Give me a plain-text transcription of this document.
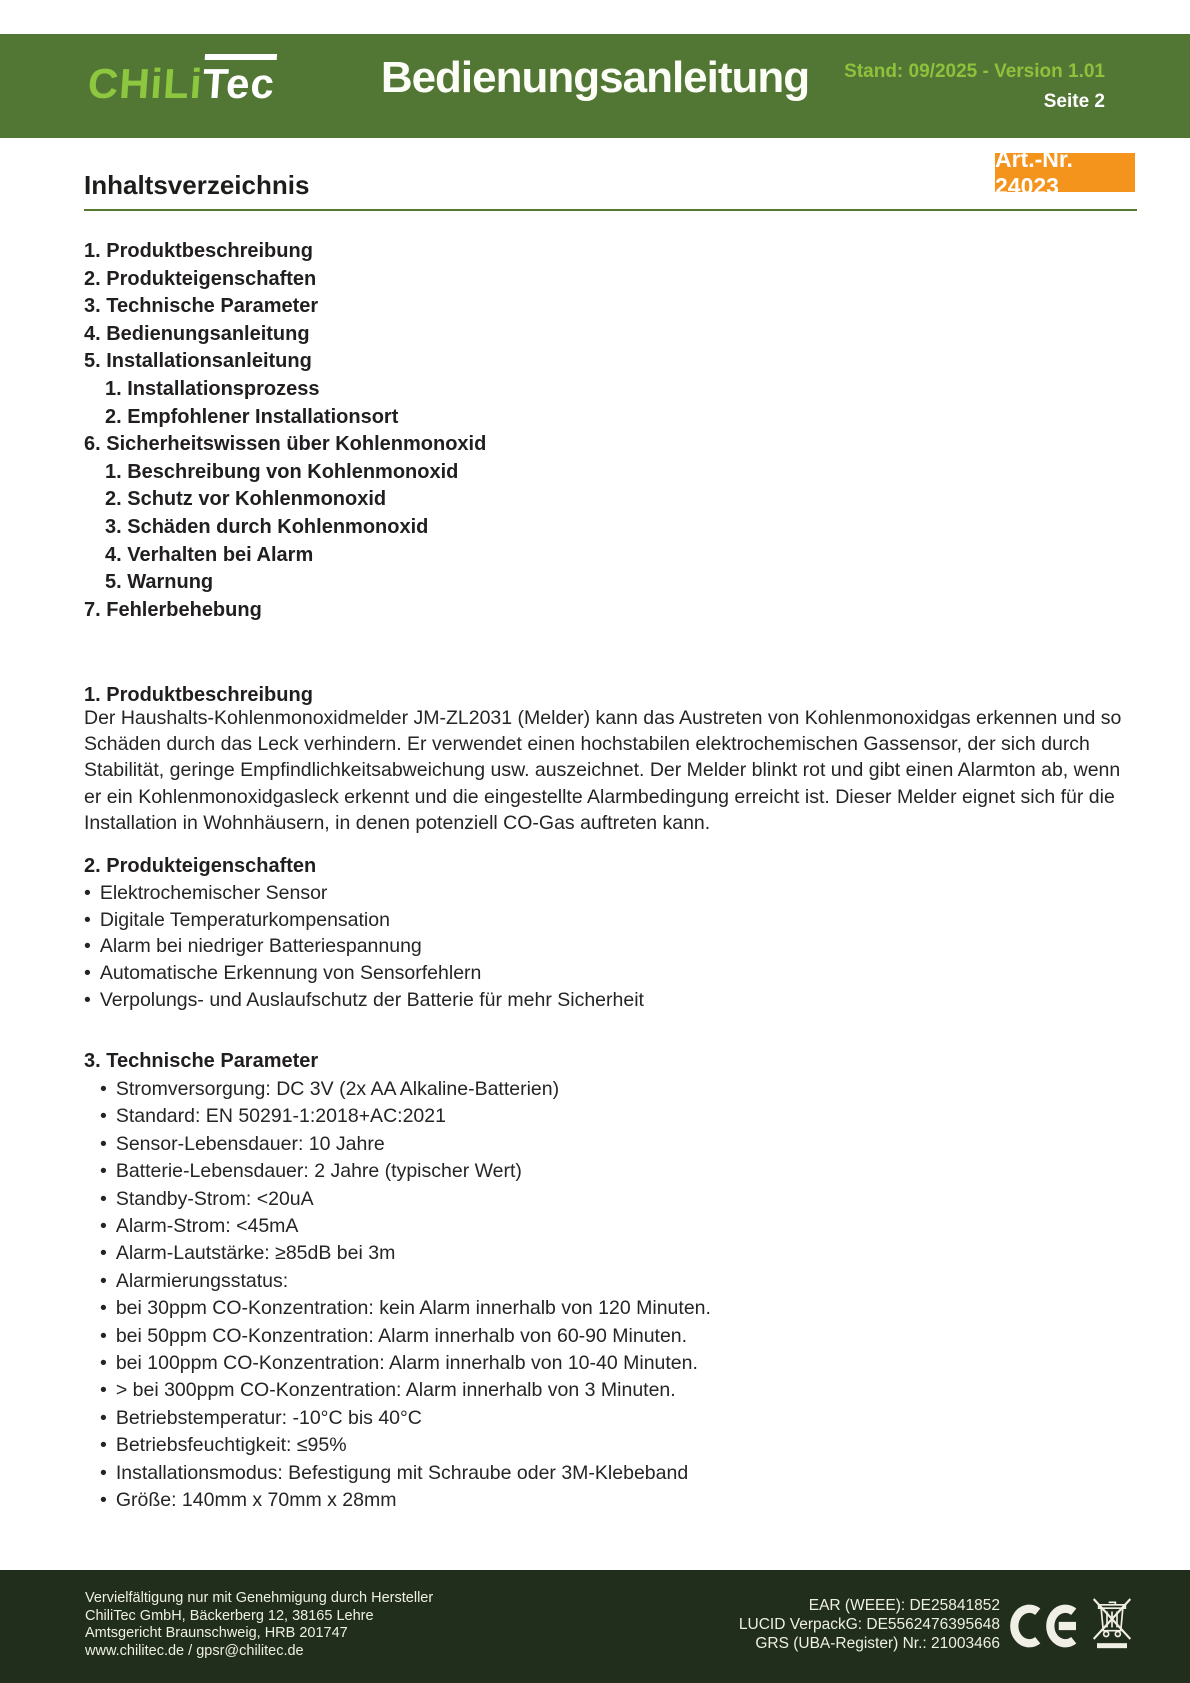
CHiLiTec	Bedienungsanleitung	Stand: 09/2025 - Version 1.01
Seite 2
Art.-Nr. 24023
Inhaltsverzeichnis
1. Produktbeschreibung
2. Produkteigenschaften
3. Technische Parameter
4. Bedienungsanleitung
5. Installationsanleitung
1. Installationsprozess
2. Empfohlener Installationsort
6. Sicherheitswissen über Kohlenmonoxid
1. Beschreibung von Kohlenmonoxid
2. Schutz vor Kohlenmonoxid
3. Schäden durch Kohlenmonoxid
4. Verhalten bei Alarm
5. Warnung
7. Fehlerbehebung
1. Produktbeschreibung

Der Haushalts-Kohlenmonoxidmelder JM-ZL2031 (Melder) kann das Austreten von Kohlenmonoxidgas erkennen und so Schäden durch das Leck verhindern. Er verwendet einen hochstabilen elektrochemischen Gassensor, der sich durch Stabilität, geringe Empfindlichkeitsabweichung usw. auszeichnet. Der Melder blinkt rot und gibt einen Alarmton ab, wenn er ein Kohlenmonoxidgasleck erkennt und die eingestellte Alarmbedingung erreicht ist. Dieser Melder eignet sich für die Installation in Wohnhäusern, in denen potenziell CO-Gas auftreten kann.

2. Produkteigenschaften
• Elektrochemischer Sensor
• Digitale Temperaturkompensation
• Alarm bei niedriger Batteriespannung
• Automatische Erkennung von Sensorfehlern
• Verpolungs- und Auslaufschutz der Batterie für mehr Sicherheit
3. Technische Parameter
• Stromversorgung: DC 3V (2x AA Alkaline-Batterien)
• Standard: EN 50291-1:2018+AC:2021
• Sensor-Lebensdauer: 10 Jahre
• Batterie-Lebensdauer: 2 Jahre (typischer Wert)
• Standby-Strom: <20uA
• Alarm-Strom: <45mA
• Alarm-Lautstärke: ≥85dB bei 3m
• Alarmierungsstatus:
• bei 30ppm CO-Konzentration: kein Alarm innerhalb von 120 Minuten.
• bei 50ppm CO-Konzentration: Alarm innerhalb von 60-90 Minuten.
• bei 100ppm CO-Konzentration: Alarm innerhalb von 10-40 Minuten.
• > bei 300ppm CO-Konzentration: Alarm innerhalb von 3 Minuten.
• Betriebstemperatur: -10°C bis 40°C
• Betriebsfeuchtigkeit: ≤95%
• Installationsmodus: Befestigung mit Schraube oder 3M-Klebeband
• Größe: 140mm x 70mm x 28mm
Vervielfältigung nur mit Genehmigung durch Hersteller
ChiliTec GmbH, Bäckerberg 12, 38165 Lehre
Amtsgericht Braunschweig, HRB 201747
www.chilitec.de / gpsr@chilitec.de
EAR (WEEE): DE25841852
LUCID VerpackG: DE5562476395648
GRS (UBA-Register) Nr.: 21003466
